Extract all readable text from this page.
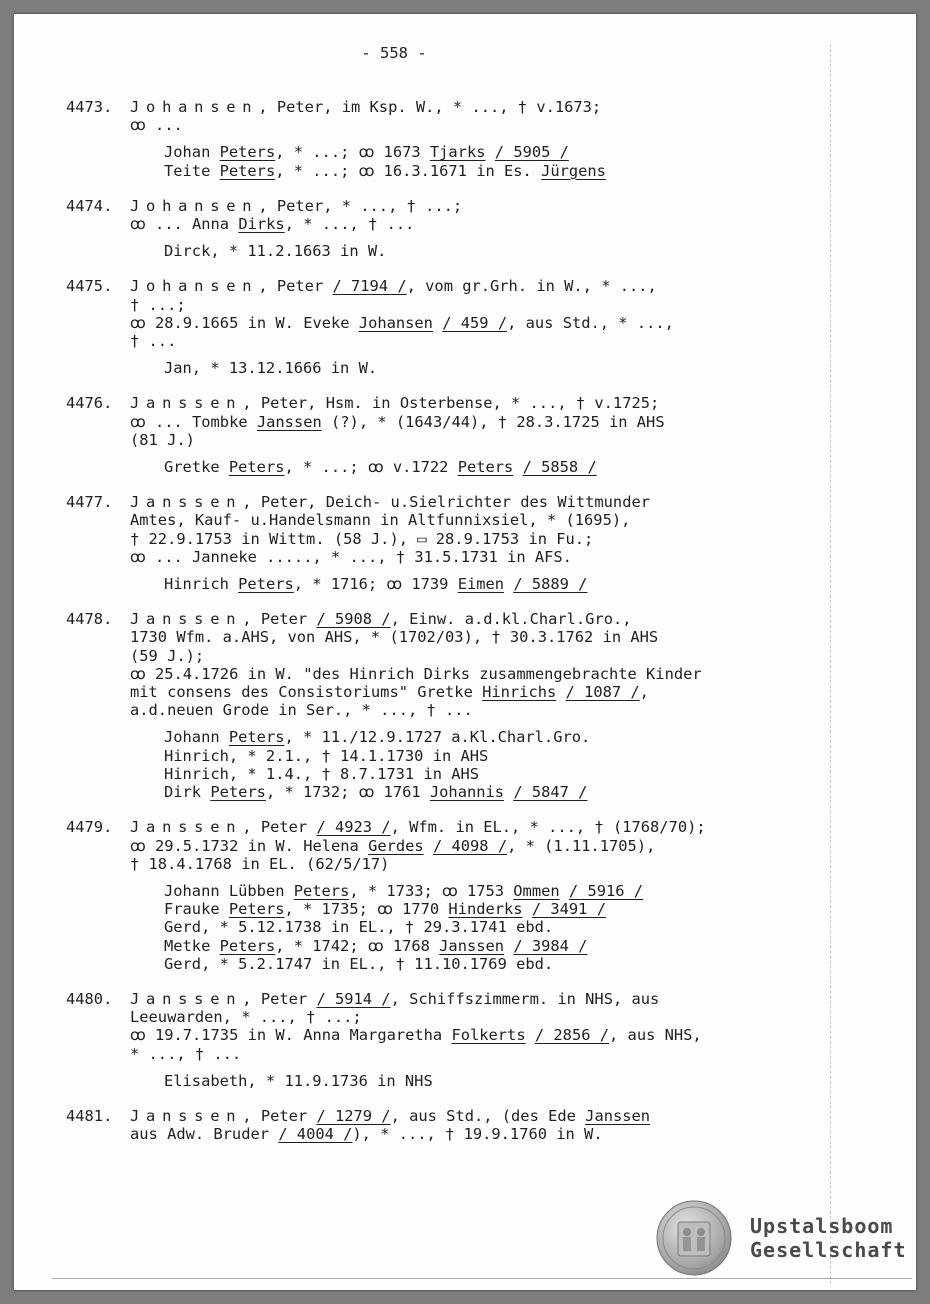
- 558 -
4473.	Johansen, Peter, im Ksp. W., * ..., † v.1673;
ꝏ ...
Johan Peters, * ...; ꝏ 1673 Tjarks / 5905 /
Teite Peters, * ...; ꝏ 16.3.1671 in Es. Jürgens
4474.	Johansen, Peter, * ..., † ...;
ꝏ ... Anna Dirks, * ..., † ...
Dirck, * 11.2.1663 in W.
4475.	Johansen, Peter / 7194 /, vom gr.Grh. in W., * ...,
† ...;
ꝏ 28.9.1665 in W. Eveke Johansen / 459 /, aus Std., * ...,
† ...
Jan, * 13.12.1666 in W.
4476.	Janssen, Peter, Hsm. in Osterbense, * ..., † v.1725;
ꝏ ... Tombke Janssen (?), * (1643/44), † 28.3.1725 in AHS
(81 J.)
Gretke Peters, * ...; ꝏ v.1722 Peters / 5858 /
4477.	Janssen, Peter, Deich- u.Sielrichter des Wittmunder
Amtes, Kauf- u.Handelsmann in Altfunnixsiel, * (1695),
† 22.9.1753 in Wittm. (58 J.), ▭ 28.9.1753 in Fu.;
ꝏ ... Janneke ....., * ..., † 31.5.1731 in AFS.
Hinrich Peters, * 1716; ꝏ 1739 Eimen / 5889 /
4478.	Janssen, Peter / 5908 /, Einw. a.d.kl.Charl.Gro.,
1730 Wfm. a.AHS, von AHS, * (1702/03), † 30.3.1762 in AHS
(59 J.);
ꝏ 25.4.1726 in W. "des Hinrich Dirks zusammengebrachte Kinder
mit consens des Consistoriums" Gretke Hinrichs / 1087 /,
a.d.neuen Grode in Ser., * ..., † ...
Johann Peters, * 11./12.9.1727 a.Kl.Charl.Gro.
Hinrich, * 2.1., † 14.1.1730 in AHS
Hinrich, * 1.4., † 8.7.1731 in AHS
Dirk Peters, * 1732; ꝏ 1761 Johannis / 5847 /
4479.	Janssen, Peter / 4923 /, Wfm. in EL., * ..., † (1768/70);
ꝏ 29.5.1732 in W. Helena Gerdes / 4098 /, * (1.11.1705),
† 18.4.1768 in EL. (62/5/17)
Johann Lübben Peters, * 1733; ꝏ 1753 Ommen / 5916 /
Frauke Peters, * 1735; ꝏ 1770 Hinderks / 3491 /
Gerd, * 5.12.1738 in EL., † 29.3.1741 ebd.
Metke Peters, * 1742; ꝏ 1768 Janssen / 3984 /
Gerd, * 5.2.1747 in EL., † 11.10.1769 ebd.
4480.	Janssen, Peter / 5914 /, Schiffszimmerm. in NHS, aus
Leeuwarden, * ..., † ...;
ꝏ 19.7.1735 in W. Anna Margaretha Folkerts / 2856 /, aus NHS,
* ..., † ...
Elisabeth, * 11.9.1736 in NHS
4481.	Janssen, Peter / 1279 /, aus Std., (des Ede Janssen
aus Adw. Bruder / 4004 /), * ..., † 19.9.1760 in W.
Upstalsboom
Gesellschaft
